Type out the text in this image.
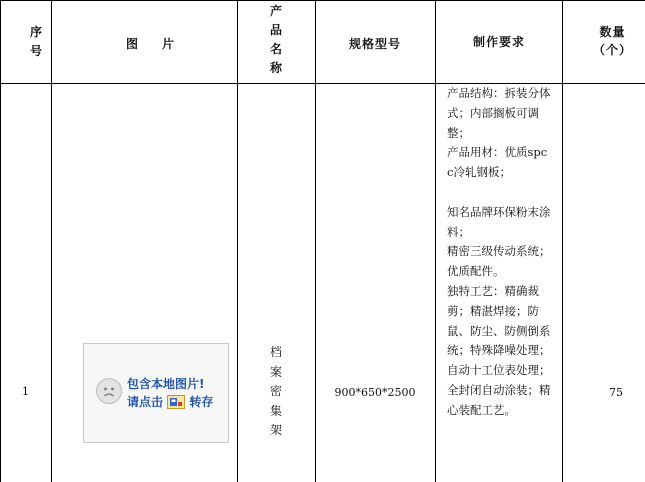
序
号	图　　片
产
品
名
称
规格型号	制作要求
数量
（个）
1
包含本地图片!
请点击 转存
档
案
密
集
架
900*650*2500
产品结构：拆装分体式；内部搁板可调整；
产品用材：优质spcc冷轧钢板；

知名品牌环保粉末涂料；
精密三级传动系统；
优质配件。
独特工艺：精确裁剪；精湛焊接；防鼠、防尘、防侧倒系统；特殊降噪处理；　自动十工位表处理；全封闭自动涂装；精心装配工艺。
75
